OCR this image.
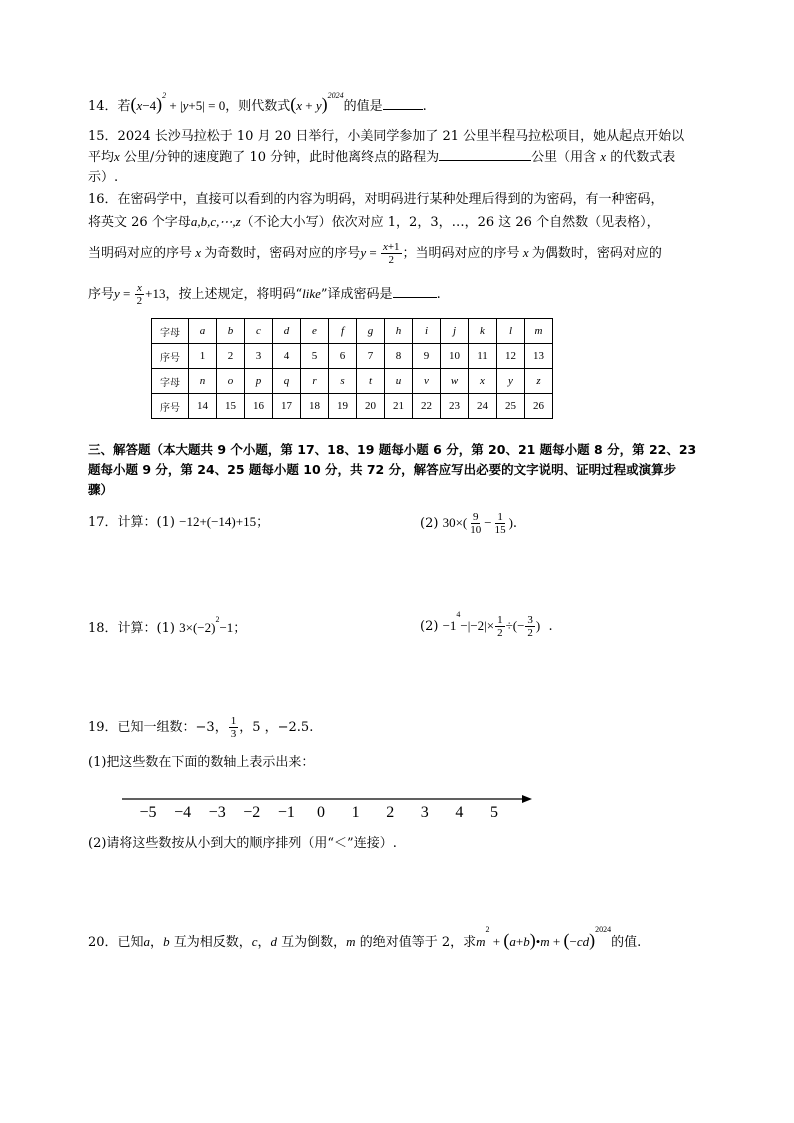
14．若$(x-4)^2 + |y+5| = 0$，则代数式$(x + y)^{2024}$的值是	.
15．2024 长沙马拉松于 10 月 20 日举行，小美同学参加了 21 公里半程马拉松项目，她从起点开始以
平均x 公里/分钟的速度跑了 10 分钟，此时他离终点的路程为	公里（用含 x 的代数式表
示）.
16．在密码学中，直接可以看到的内容为明码，对明码进行某种处理后得到的为密码，有一种密码，
将英文 26 个字母a,b,c,⋯,z（不论大小写）依次对应 1，2，3，…，26 这 26 个自然数（见表格），
当明码对应的序号 x 为奇数时，密码对应的序号$y = \frac{x+1}{2}$ ；当明码对应的序号 x 为偶数时，密码对应的
序号$y = \frac{x}{2} +13$，按上述规定，将明码“like”译成密码是	.
字母	a	b	c	d	e	f	g	h	i	j	k	l	m
序号	1	2	3	4	5	6	7	8	9	10	11	12	13
字母	n	o	p	q	r	s	t	u	v	w	x	y	z
序号	14	15	16	17	18	19	20	21	22	23	24	25	26
三、解答题（本大题共 9 个小题，第 17、18、19 题每小题 6 分，第 20、21 题每小题 8 分，第 22、23
题每小题 9 分，第 24、25 题每小题 10 分，共 72 分，解答应写出必要的文字说明、证明过程或演算步
骤）
17．计算：(1) −12+(−14)+15；	(2) $30\times( \frac{9}{10} - \frac{1}{15}$ ).
18．计算：(1) $3\times(-2)^2-1$；	$(2) -1^4-|-2|\times \frac{1}{2}$ ÷(− $\frac{3}{2}$ ) .
19．已知一组数：−3， $\frac{1}{3}$ ，5 ，−2.5.
(1)把这些数在下面的数轴上表示出来：
−5	−4	−3	−2	−1	0	1	2	3	4	5
(2)请将这些数按从小到大的顺序排列（用“＜”连接）.
20．已知a，b 互为相反数，c，d 互为倒数，m 的绝对值等于 2，求$m^2$ + (a+b)•m + $(-cd)^{2024}$的值.
